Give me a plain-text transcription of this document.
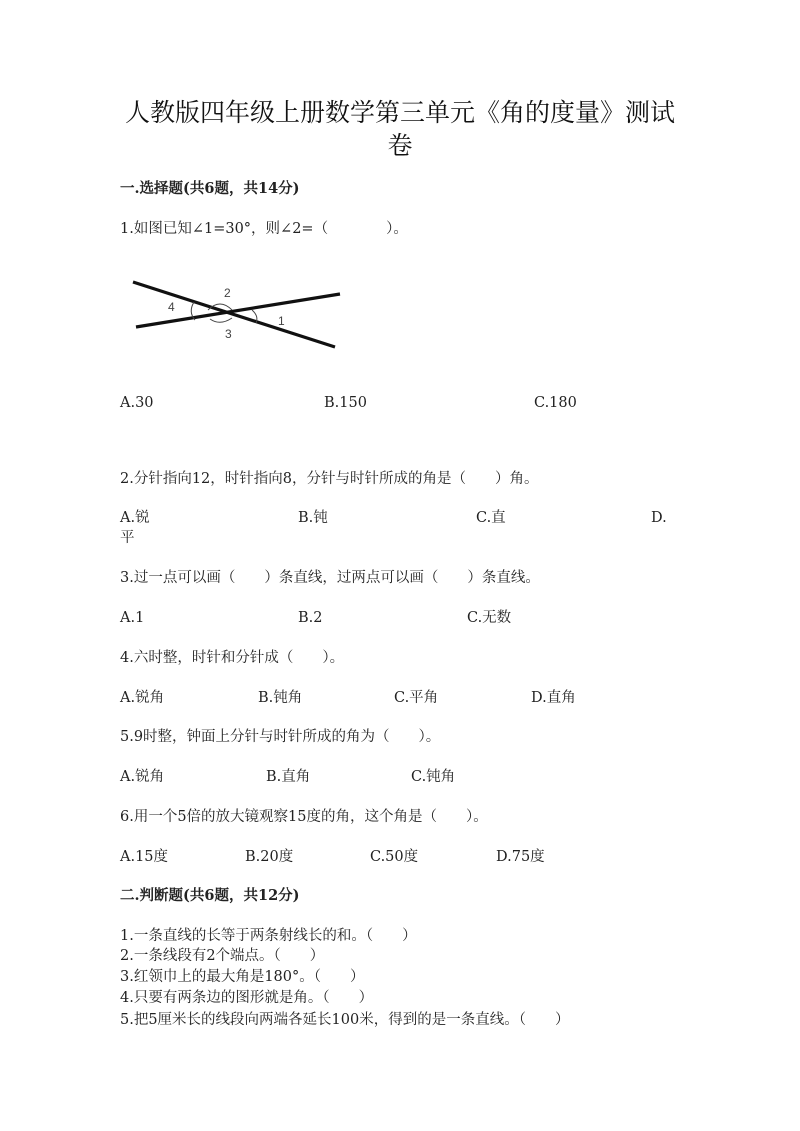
人教版四年级上册数学第三单元《角的度量》测试
卷
一.选择题(共6题，共14分)
1.如图已知∠1=30°，则∠2=（　　　　）。
1
2
3
4
A.30	B.150	C.180
2.分针指向12，时针指向8，分针与时针所成的角是（　　）角。
A.锐	B.钝	C.直	D.
平
3.过一点可以画（　　）条直线，过两点可以画（　　）条直线。
A.1	B.2	C.无数
4.六时整，时针和分针成（　　）。
A.锐角	B.钝角	C.平角	D.直角
5.9时整，钟面上分针与时针所成的角为（　　）。
A.锐角	B.直角	C.钝角
6.用一个5倍的放大镜观察15度的角，这个角是（　　）。
A.15度	B.20度	C.50度	D.75度
二.判断题(共6题，共12分)
1.一条直线的长等于两条射线长的和。（　　）
2.一条线段有2个端点。（　　）
3.红领巾上的最大角是180°。（　　）
4.只要有两条边的图形就是角。（　　）
5.把5厘米长的线段向两端各延长100米，得到的是一条直线。（　　）
